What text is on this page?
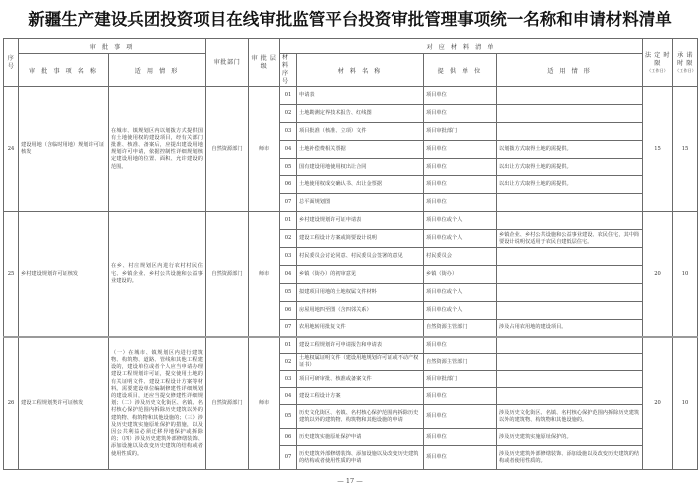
新疆生产建设兵团投资项目在线审批监管平台投资审批管理事项统一名称和申请材料清单
序号	审 批 事 项		审批部门	审 批 层 级	对 应 材 料 清 单				法 定 时 限
（工作日）	承 诺 时 限
（工作日）

	审 批 事 项 名 称	适 用 情 形			材料序号	材 料 名 称	提 供 单 位	适 用 情 形		
24	建设用地（含临时用地）规划许可证核发	在城市、镇规划区内以划拨方式提供国有土地使用权的建设项目，经有关部门批准、核准、备案后，应提出建设用地规划许可申请，依据控制性详细规划核定建设用地的位置、面积、允许建设的范围。	自然资源部门	师市	01	申请表	项目单位		15	15
					02	土地勘测定界技术报告、红线图	项目单位			
					03	项目批准（核准、立项）文件	项目审批部门			
					04	土地补偿费相关票据	项目单位	以划拨方式取得土地的需提供。		
					05	国有建设用地使用权出让合同	项目单位	以出让方式取得土地的需提供。		
					06	土地使用权成交确认书、出让金票据	项目单位	以出让方式取得土地的需提供。		
					07	总平面规划图	项目单位			
25	乡村建设规划许可证核发	在乡、村庄规划区内进行农村村民住宅、乡镇企业、乡村公共设施和公益事业建设的。	自然资源部门	师市	01	乡村建设规划许可证申请表	项目单位或个人		20	10
					02	建设工程设计方案或简要设计说明	项目单位或个人	乡镇企业、乡村公共设施和公益事业建设、农民住宅，其中简要设计说明仅适用于农民自建低层住宅。		
					03	村民委员会讨论同意、村民委员会签署的意见	村民委员会			
					04	乡镇（街办）的初审意见	乡镇（街办）			
					05	拟建项目用地的土地权属文件材料	项目单位或个人			
					06	房屋用地四至图（含四邻关系）	项目单位或个人			
					07	农用地转用批复文件	自然资源主管部门	涉及占用农用地的建设项目。		
26	建设工程规划类许可证核发	（一）在城市、镇规划区内进行建筑物、构筑物、道路、管线和其他工程建设的，建设单位或者个人应当申请办理建设工程规划许可证，提交使用土地的有关证明文件、建设工程设计方案等材料。需要建设单位编制修建性详细规划的建设项目，还应当提交修建性详细规划；（二）涉及历史文化街区、名镇、名村核心保护范围内拆除历史建筑以外的建筑物、构筑物和其他设施的；（三）涉及历史建筑实施原址保护的措施，以及因公共利益必须迁移异地保护或拆除的；（四）涉及历史建筑外部修缮装饰、添加设施以及改变历史建筑的结构或者使用性质的。	自然资源部门	师市	01	建设工程规划许可申请报告和申请表	项目单位		20	10
					02	土地权属证明文件（建设用地规划许可证或不动产权证书）	自然资源主管部门			
					03	项目可研审批、核准或备案文件	项目审批部门			
					04	建设工程设计方案	项目单位			
					05	历史文化街区、名镇、名村核心保护范围内拆除历史建筑以外的建筑物、构筑物和其他设施的申请	项目单位	涉及历史文化街区、名镇、名村核心保护范围内拆除历史建筑以外的建筑物、构筑物和其他设施的。		
					06	历史建筑实施原址保护申请	项目单位	涉及历史建筑实施原址保护的。		
					07	历史建筑外部修缮装饰、添加设施以及改变历史建筑的结构或者使用性质的申请	项目单位	涉及历史建筑外部修缮装饰、添加设施以及改变历史建筑的结构或者使用性质的。		
— 17 —
